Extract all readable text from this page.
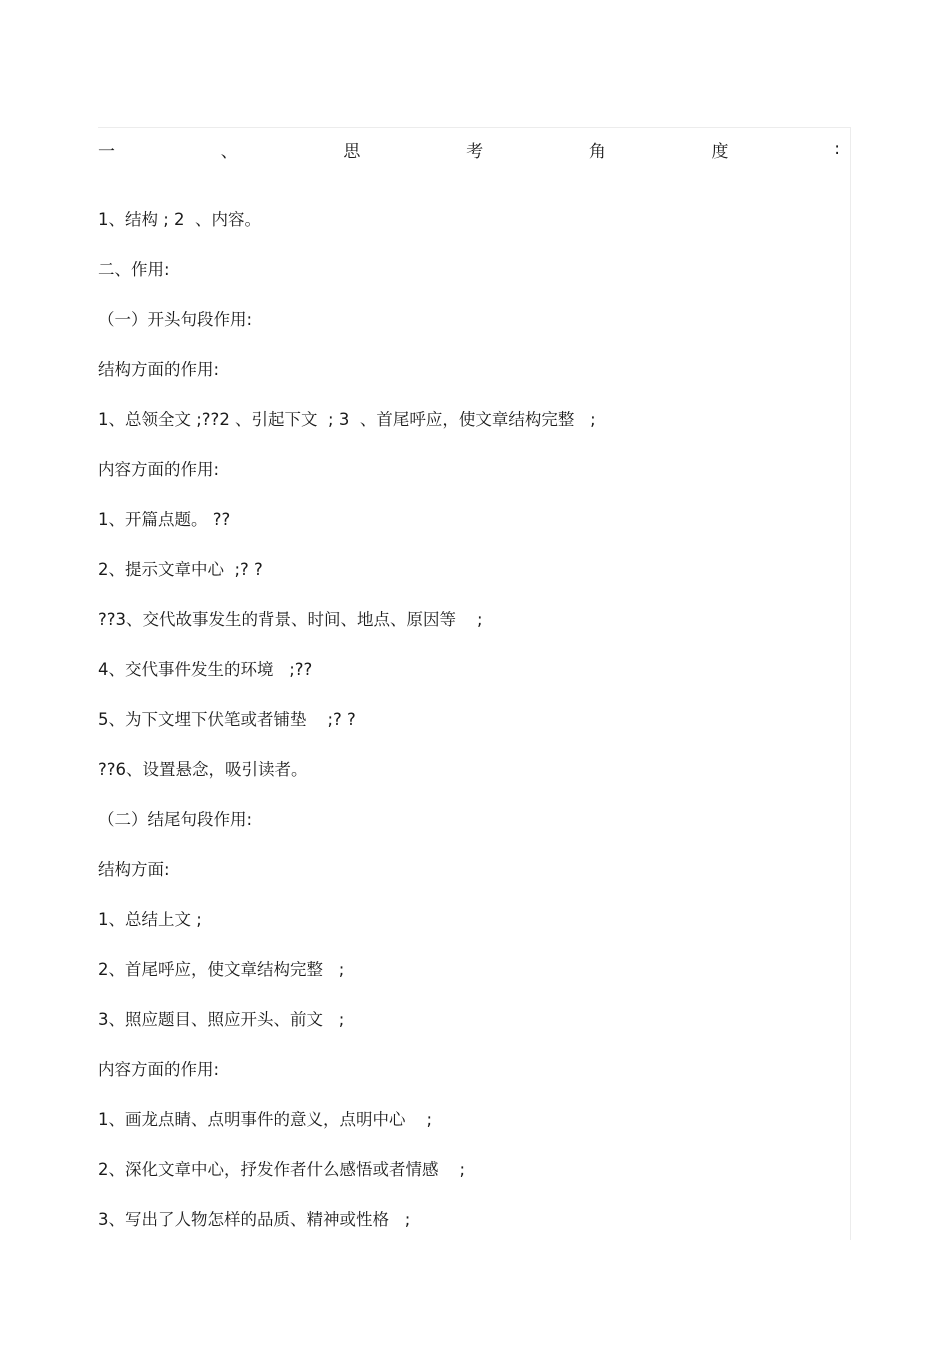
一	、	思	考	角	度	:
1、结构 ; 2  、内容。
二、作用:
（一）开头句段作用:
结构方面的作用:
1、总领全文 ;??2 、引起下文  ; 3  、首尾呼应，使文章结构完整   ;
内容方面的作用:
1、开篇点题。 ??
2、提示文章中心  ;? ?
??3、交代故事发生的背景、时间、地点、原因等    ;
4、交代事件发生的环境   ;??
5、为下文埋下伏笔或者铺垫    ;? ?
??6、设置悬念，吸引读者。
（二）结尾句段作用:
结构方面:
1、总结上文 ;
2、首尾呼应，使文章结构完整   ;
3、照应题目、照应开头、前文   ;
内容方面的作用:
1、画龙点睛、点明事件的意义，点明中心    ;
2、深化文章中心，抒发作者什么感悟或者情感    ;
3、写出了人物怎样的品质、精神或性格   ;
